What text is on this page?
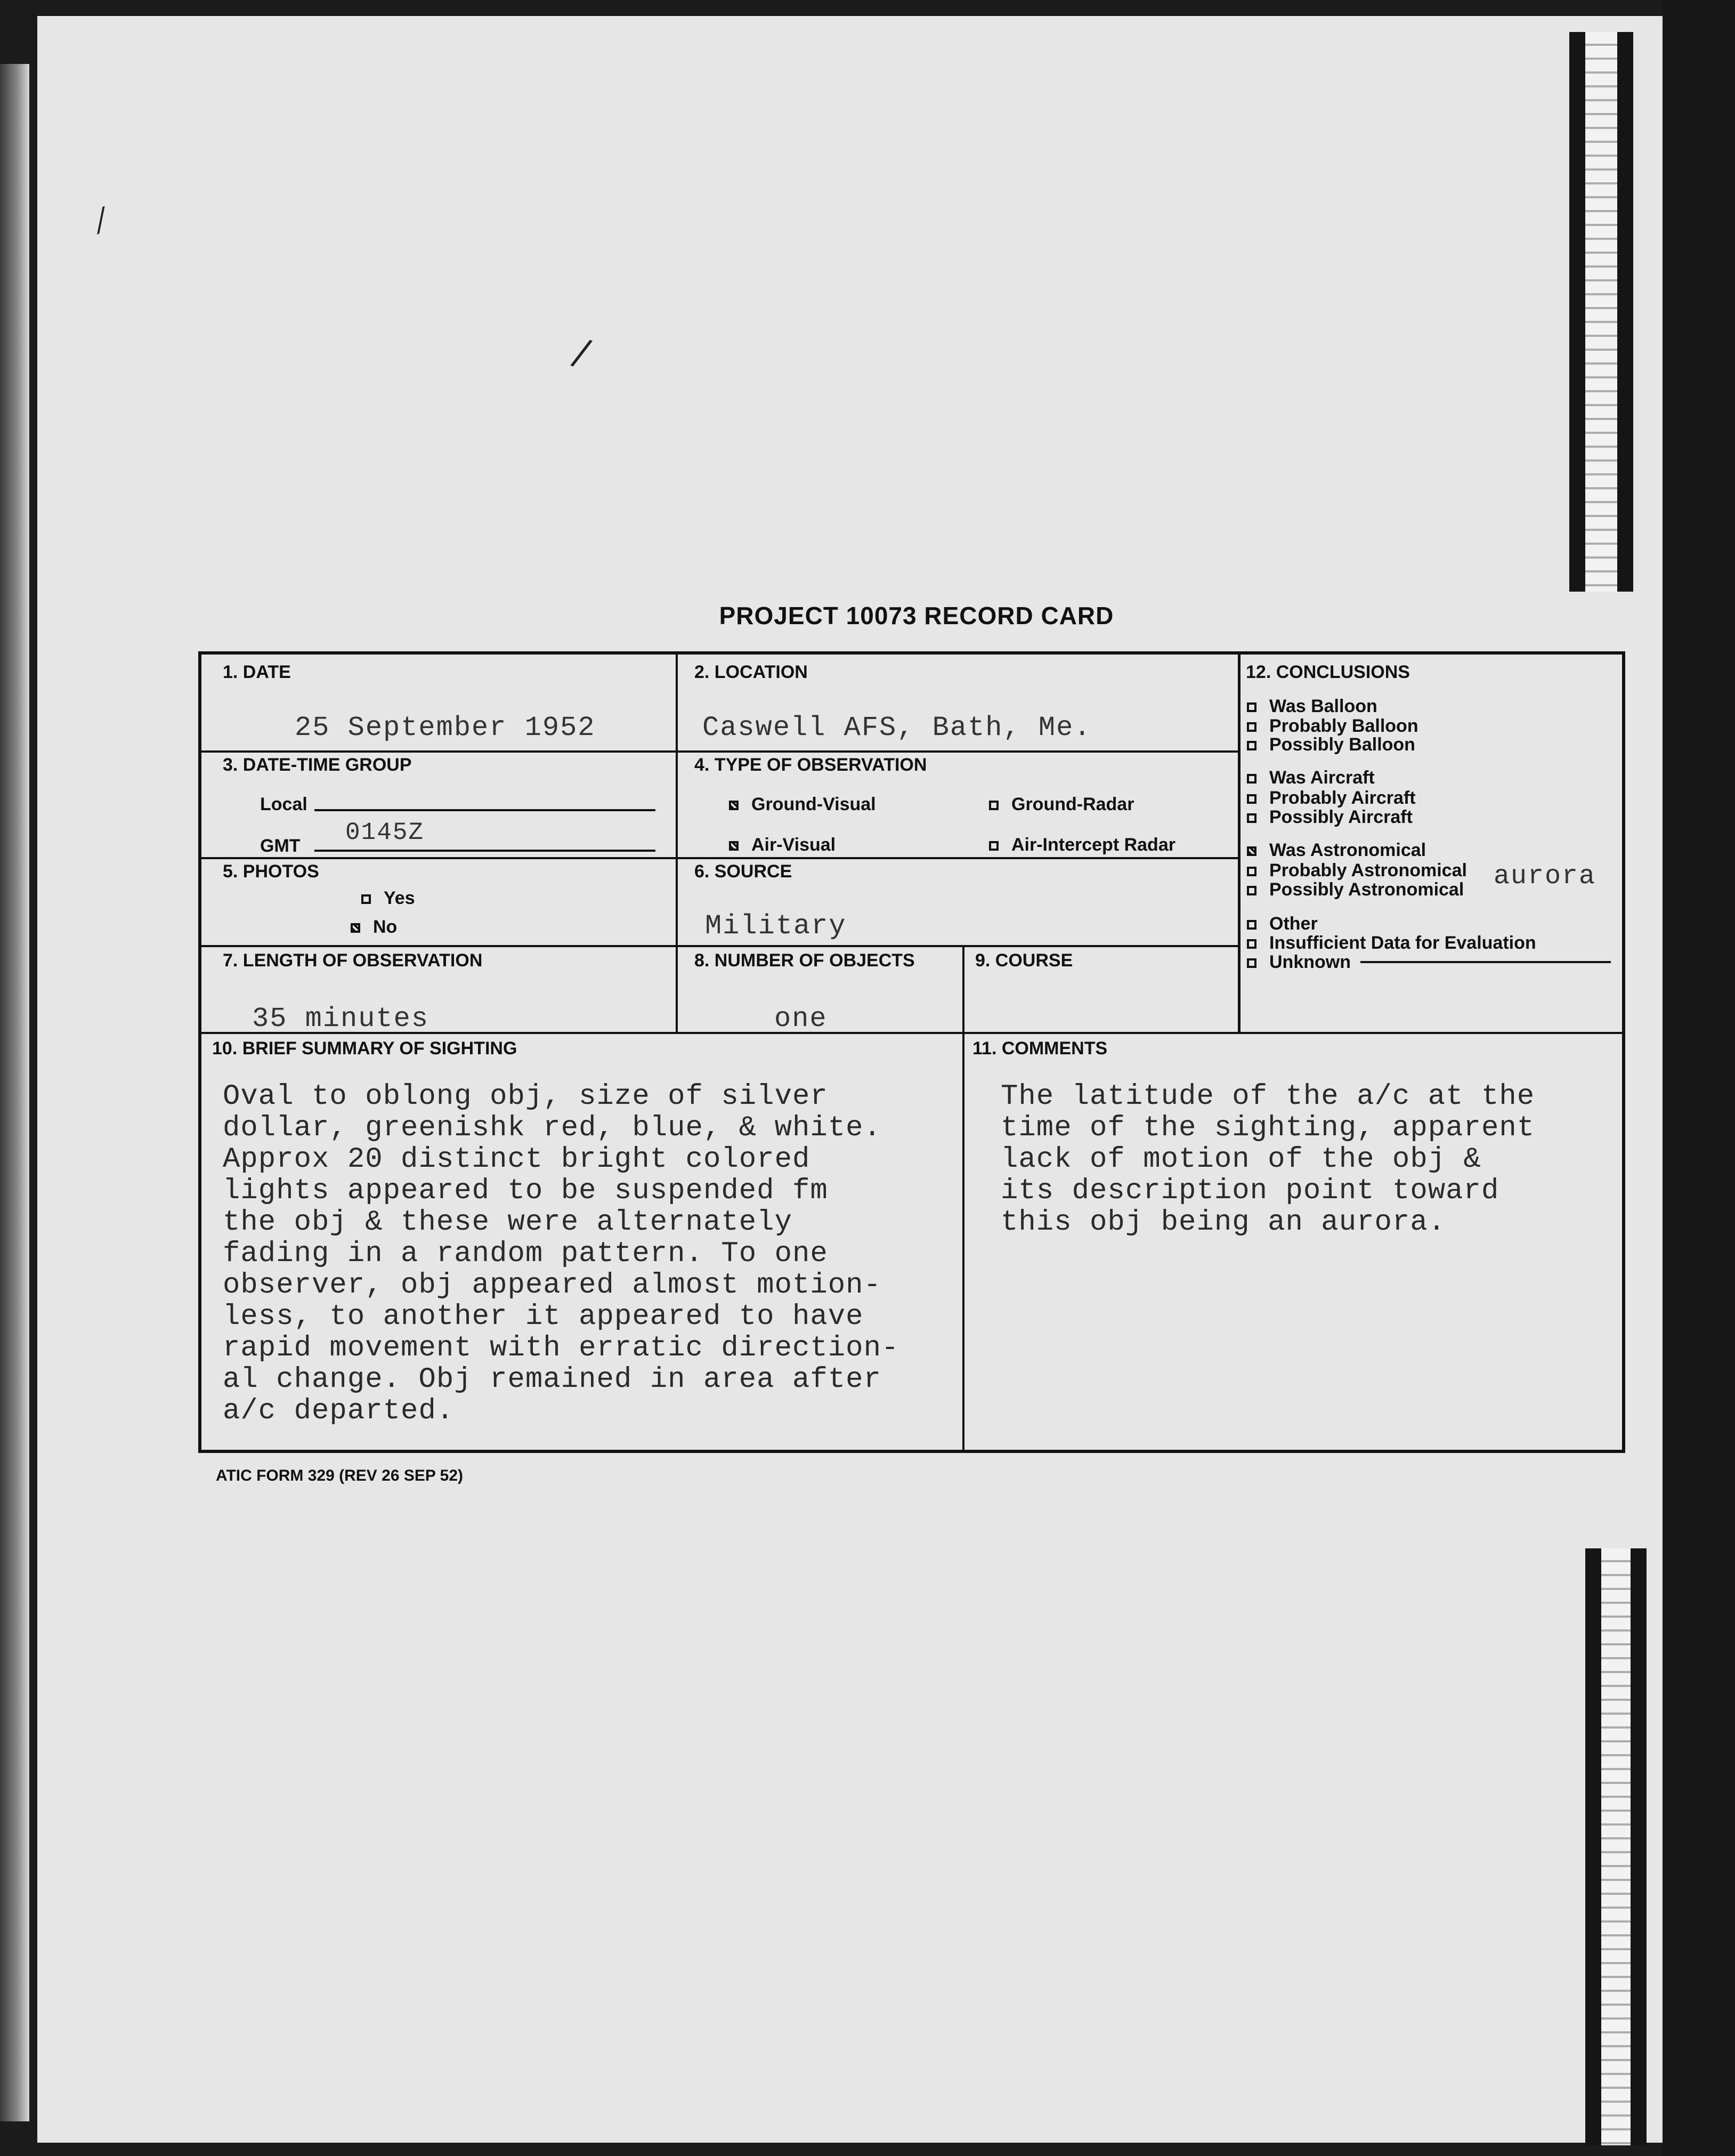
⁄
/
PROJECT 10073 RECORD CARD
1. DATE
25 September 1952
2. LOCATION
Caswell AFS, Bath, Me.
3. DATE-TIME GROUP
Local
GMT 0145Z
4. TYPE OF OBSERVATION
Ground-Visual	Ground-Radar
Air-Visual	Air-Intercept Radar
5. PHOTOS
Yes
No
6. SOURCE
Military
7. LENGTH OF OBSERVATION
35 minutes
8. NUMBER OF OBJECTS
one
9. COURSE
10. BRIEF SUMMARY OF SIGHTING
Oval to oblong obj, size of silver
dollar, greenishk red, blue, & white.
Approx 20 distinct bright colored
lights appeared to be suspended fm
the obj & these were alternately
fading in a random pattern. To one
observer, obj appeared almost motion-
less, to another it appeared to have
rapid movement with erratic direction-
al change. Obj remained in area after
a/c departed.
11. COMMENTS
The latitude of the a/c at the
time of the sighting, apparent
lack of motion of the obj &
its description point toward
this obj being an aurora.
12. CONCLUSIONS
Was Balloon
Probably Balloon
Possibly Balloon
Was Aircraft
Probably Aircraft
Possibly Aircraft
Was Astronomical
Probably Astronomical
Possibly Astronomical
Other
Insufficient Data for Evaluation
Unknown
aurora
ATIC FORM 329 (REV 26 SEP 52)
